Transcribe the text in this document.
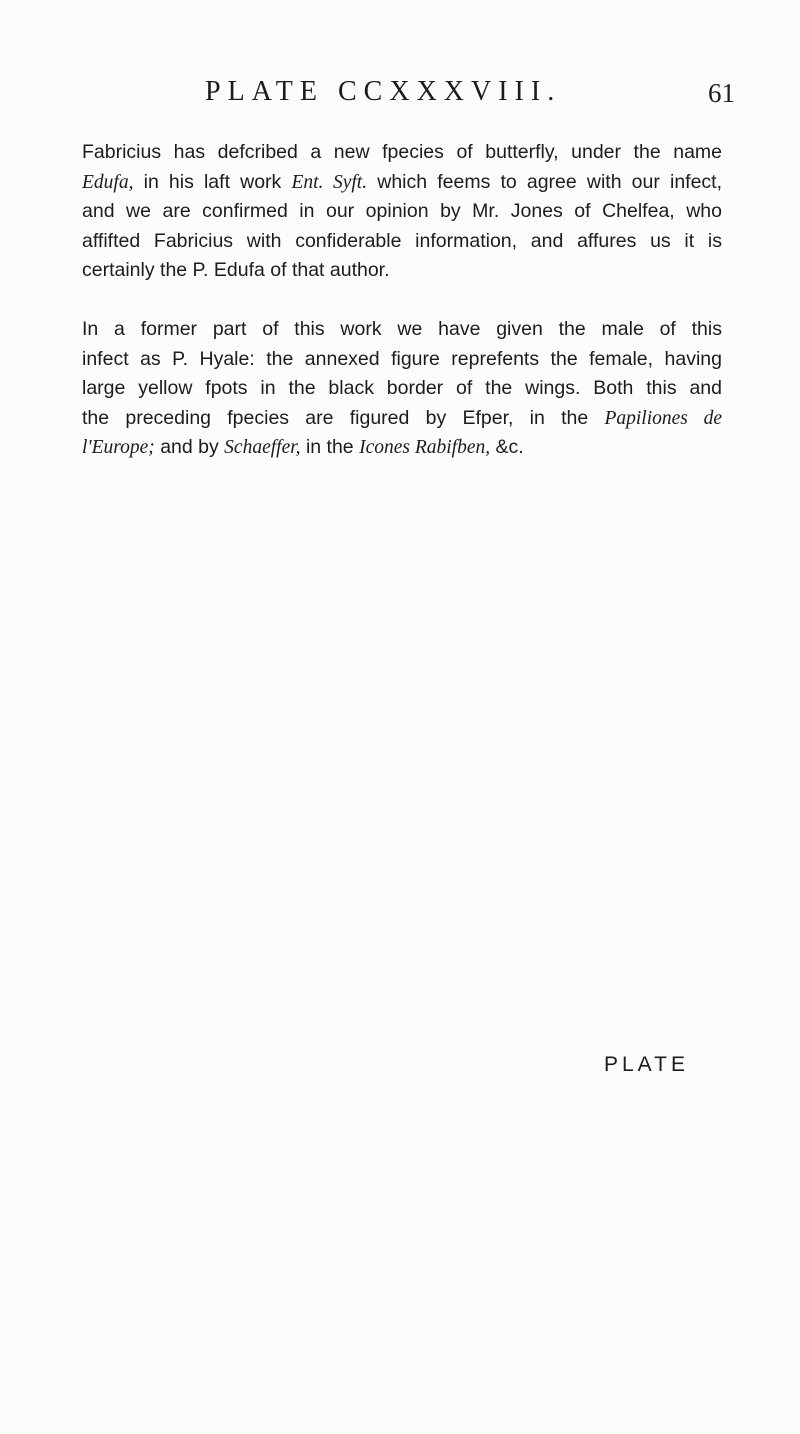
PLATE CCXXXVIII.	61
Fabricius has defcribed a new fpecies of butterfly, under the name
Edufa, in his laft work Ent. Syft. which feems to agree with our infect,
and we are confirmed in our opinion by Mr. Jones of Chelfea, who
affifted Fabricius with confiderable information, and affures us it is
certainly the P. Edufa of that author.
In a former part of this work we have given the male of this
infect as P. Hyale: the annexed figure reprefents the female, having
large yellow fpots in the black border of the wings. Both this and
the preceding fpecies are figured by Efper, in the Papiliones de
l'Europe; and by Schaeffer, in the Icones Rabifben, &c.
PLATE
